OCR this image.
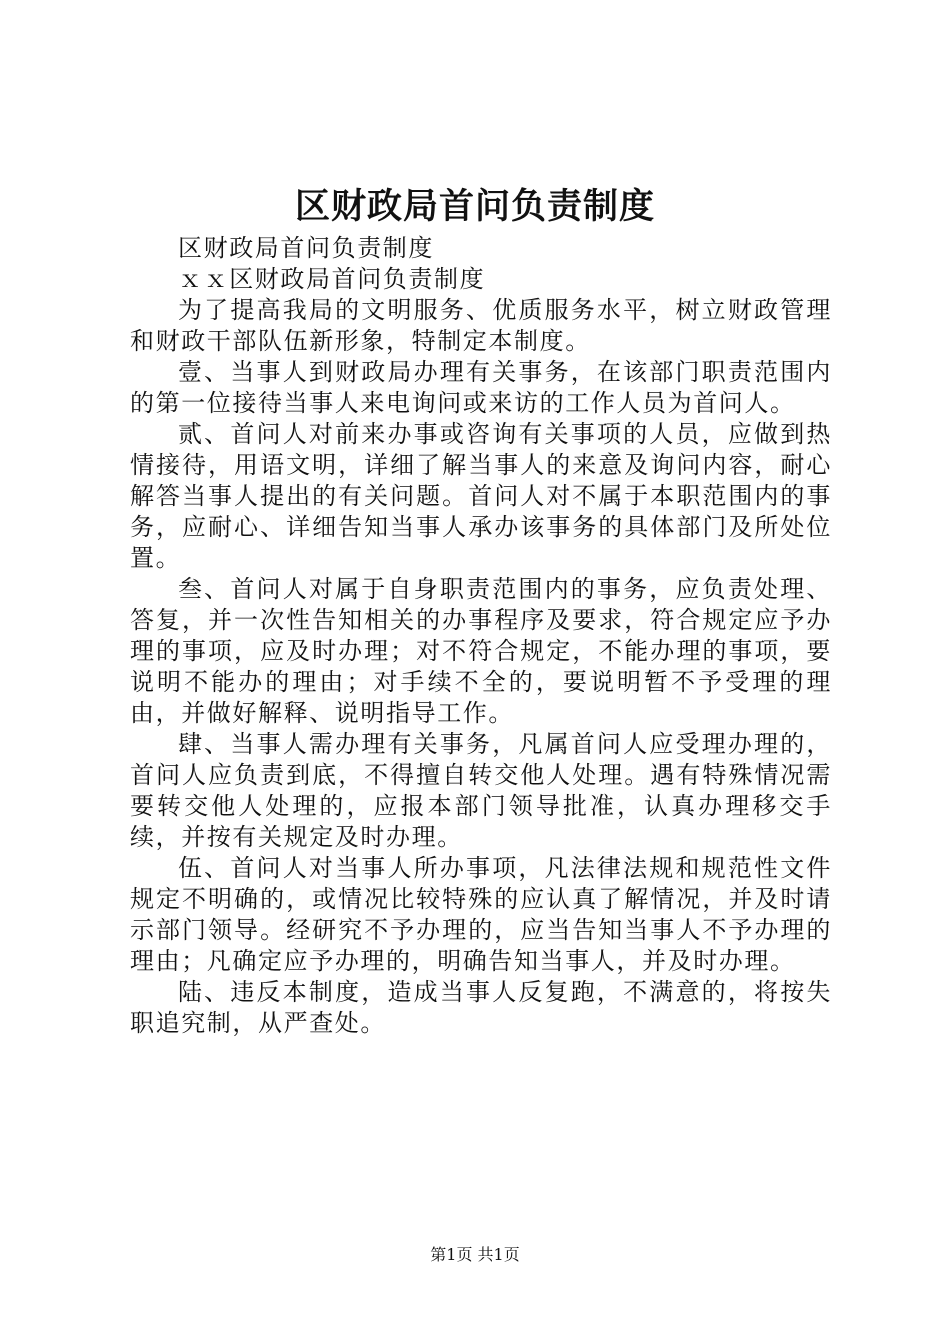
区财政局首问负责制度

区财政局首问负责制度

ｘｘ区财政局首问负责制度

为了提高我局的文明服务、优质服务水平，树立财政管理和财政干部队伍新形象，特制定本制度。

壹、当事人到财政局办理有关事务，在该部门职责范围内的第一位接待当事人来电询问或来访的工作人员为首问人。

贰、首问人对前来办事或咨询有关事项的人员，应做到热情接待，用语文明，详细了解当事人的来意及询问内容，耐心解答当事人提出的有关问题。首问人对不属于本职范围内的事务，应耐心、详细告知当事人承办该事务的具体部门及所处位置。

叁、首问人对属于自身职责范围内的事务，应负责处理、答复，并一次性告知相关的办事程序及要求，符合规定应予办理的事项，应及时办理；对不符合规定，不能办理的事项，要说明不能办的理由；对手续不全的，要说明暂不予受理的理由，并做好解释、说明指导工作。

肆、当事人需办理有关事务，凡属首问人应受理办理的，首问人应负责到底，不得擅自转交他人处理。遇有特殊情况需要转交他人处理的，应报本部门领导批准，认真办理移交手续，并按有关规定及时办理。

伍、首问人对当事人所办事项，凡法律法规和规范性文件规定不明确的，或情况比较特殊的应认真了解情况，并及时请示部门领导。经研究不予办理的，应当告知当事人不予办理的理由；凡确定应予办理的，明确告知当事人，并及时办理。

陆、违反本制度，造成当事人反复跑，不满意的，将按失职追究制，从严查处。

第1页 共1页
